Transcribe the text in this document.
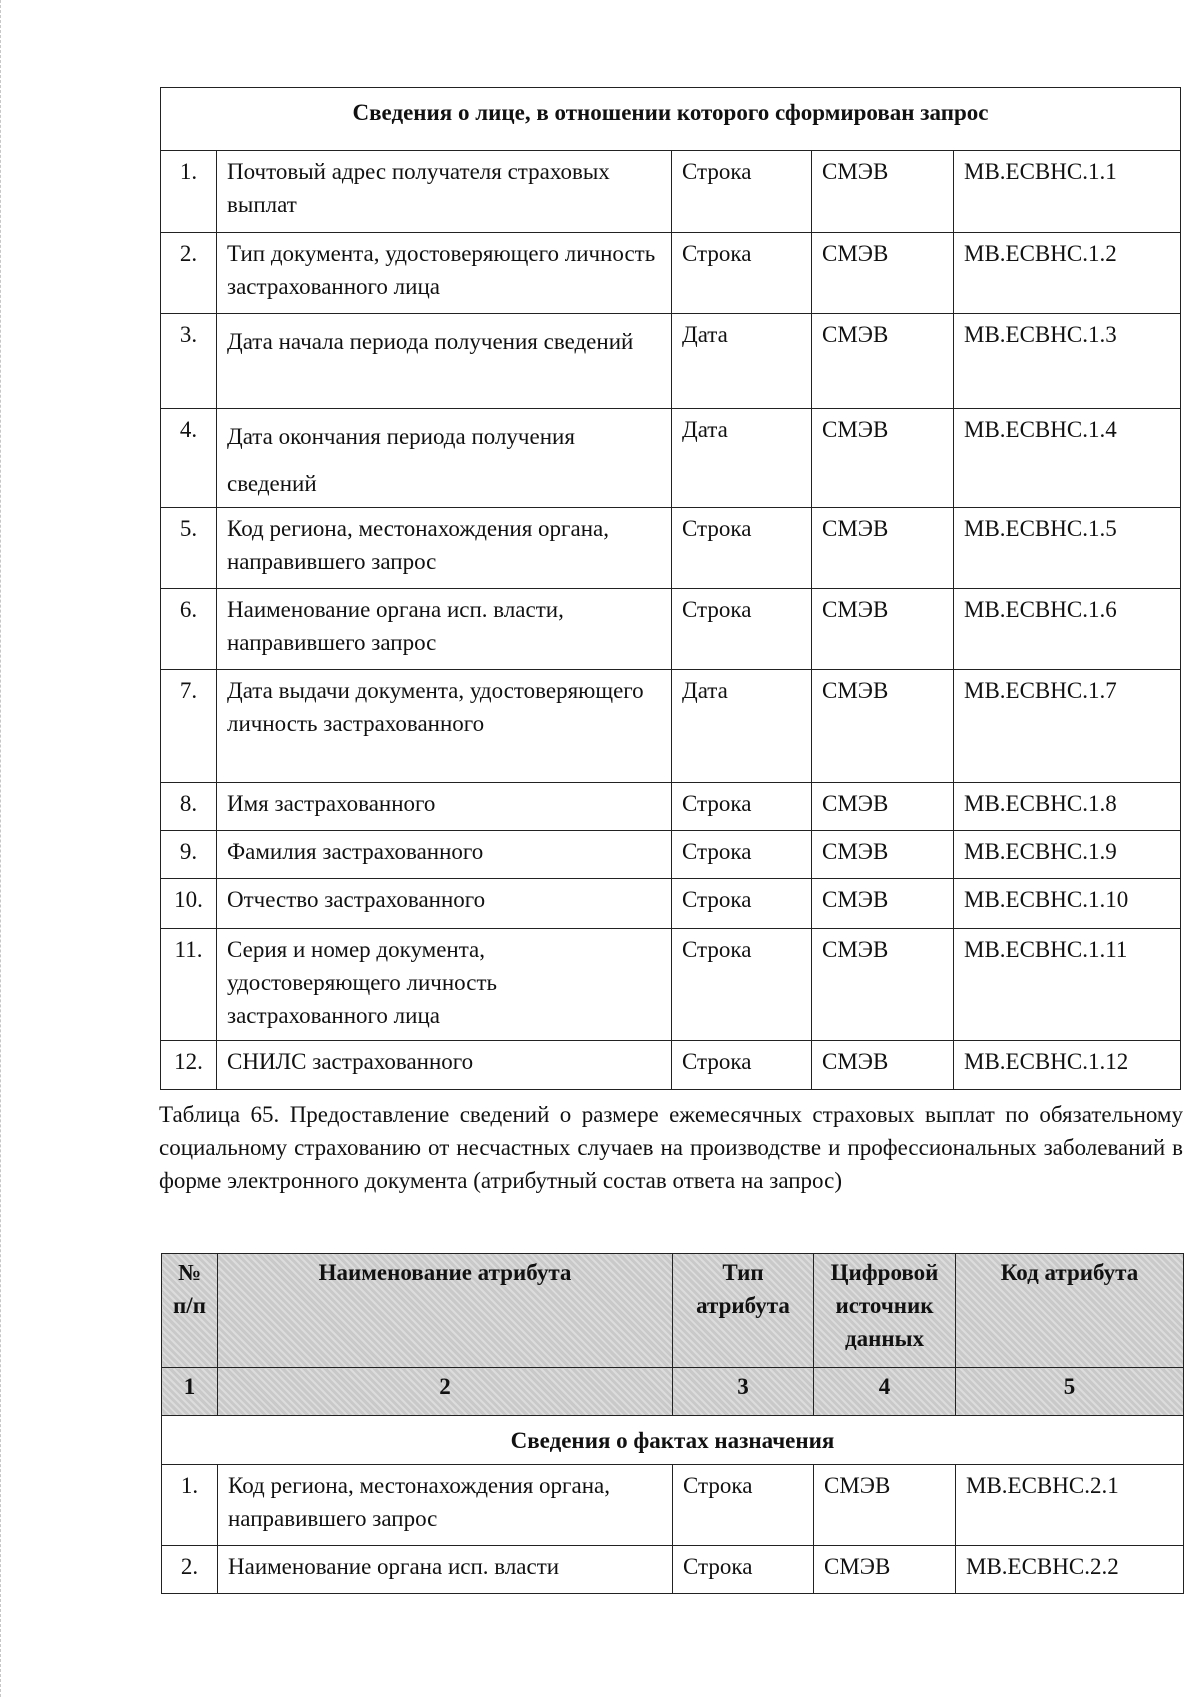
Сведения о лице, в отношении которого сформирован запрос				
1.	Почтовый адрес получателя страховых выплат	Строка	СМЭВ	MB.ECBHC.1.1
2.	Тип документа, удостоверяющего личность застрахованного лица	Строка	СМЭВ	MB.ECBHC.1.2
3.	Дата начала периода получения сведений	Дата	СМЭВ	MB.ECBHC.1.3
4.	Дата окончания периода получения сведений	Дата	СМЭВ	MB.ECBHC.1.4
5.	Код региона, местонахождения органа, направившего запрос	Строка	СМЭВ	MB.ECBHC.1.5
6.	Наименование органа исп. власти, направившего запрос	Строка	СМЭВ	MB.ECBHC.1.6
7.	Дата выдачи документа, удостоверяющего личность застрахованного	Дата	СМЭВ	MB.ECBHC.1.7
8.	Имя застрахованного	Строка	СМЭВ	MB.ECBHC.1.8
9.	Фамилия застрахованного	Строка	СМЭВ	MB.ECBHC.1.9
10.	Отчество застрахованного	Строка	СМЭВ	MB.ECBHC.1.10
11.	Серия и номер документа, удостоверяющего личность застрахованного лица	Строка	СМЭВ	MB.ECBHC.1.11
12.	СНИЛС застрахованного	Строка	СМЭВ	MB.ECBHC.1.12
Таблица 65. Предоставление сведений о размере ежемесячных страховых выплат по обязательному социальному страхованию от несчастных случаев на производстве и профессиональных заболеваний в форме электронного документа (атрибутный состав ответа на запрос)
№ п/п	Наименование атрибута	Тип атрибута	Цифровой источник данных	Код атрибута
1	2	3	4	5
Сведения о фактах назначения				
1.	Код региона, местонахождения органа, направившего запрос	Строка	СМЭВ	MB.ECBHC.2.1
2.	Наименование органа исп. власти	Строка	СМЭВ	MB.ECBHC.2.2
